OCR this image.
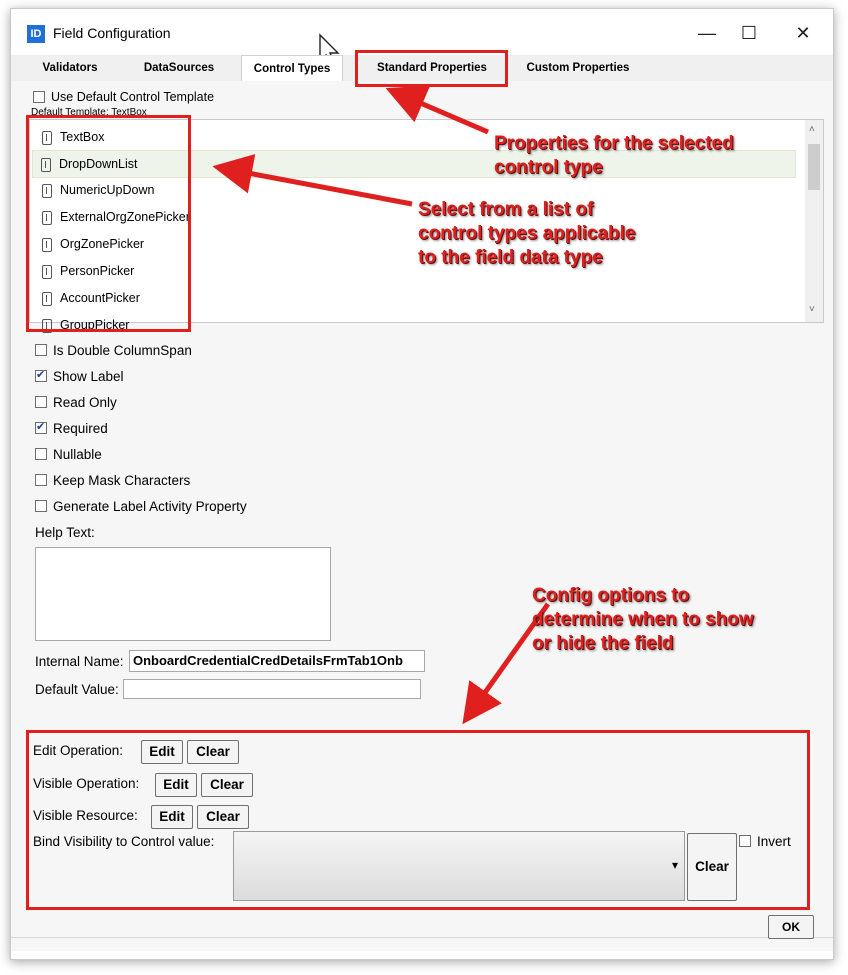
ID Field Configuration	—	☐	✕
Validators	DataSources	Control Types	Standard Properties	Custom Properties
Use Default Control Template
Default Template: TextBox
TextBox
DropDownList
NumericUpDown
ExternalOrgZonePicker
OrgZonePicker
PersonPicker
AccountPicker
GroupPicker
˄
˅
Is Double ColumnSpan
✔Show Label
Read Only
✔Required
Nullable
Keep Mask Characters
Generate Label Activity Property
Help Text:
Internal Name: OnboardCredentialCredDetailsFrmTab1Onb
Default Value:
Edit Operation:	Edit	Clear
Visible Operation:	Edit	Clear
Visible Resource:	Edit	Clear
Bind Visibility to Control value:
▾	Clear
Invert
OK
Properties for the selected control type
Select from a list of control types applicable to the field data type
Config options to determine when to show or hide the field
